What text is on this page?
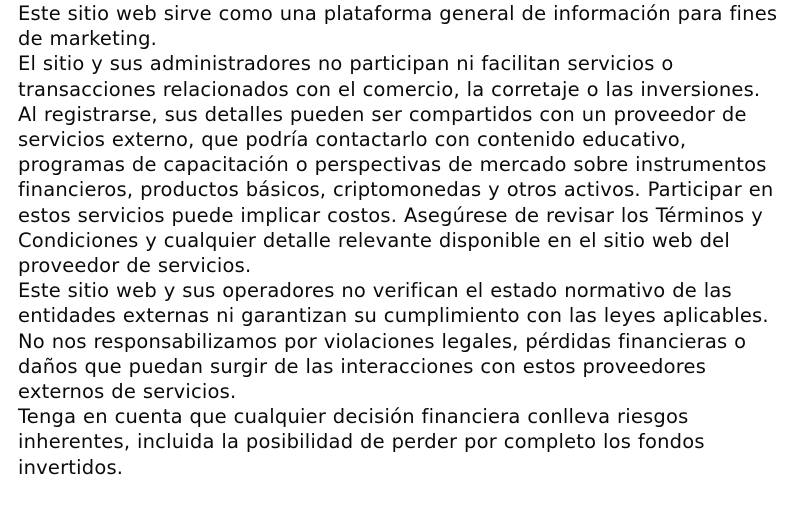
Este sitio web sirve como una plataforma general de información para fines de marketing.

El sitio y sus administradores no participan ni facilitan servicios o transacciones relacionados con el comercio, la corretaje o las inversiones.

Al registrarse, sus detalles pueden ser compartidos con un proveedor de servicios externo, que podría contactarlo con contenido educativo, programas de capacitación o perspectivas de mercado sobre instrumentos financieros, productos básicos, criptomonedas y otros activos. Participar en estos servicios puede implicar costos. Asegúrese de revisar los Términos y Condiciones y cualquier detalle relevante disponible en el sitio web del proveedor de servicios.

Este sitio web y sus operadores no verifican el estado normativo de las entidades externas ni garantizan su cumplimiento con las leyes aplicables.

No nos responsabilizamos por violaciones legales, pérdidas financieras o daños que puedan surgir de las interacciones con estos proveedores externos de servicios.

Tenga en cuenta que cualquier decisión financiera conlleva riesgos inherentes, incluida la posibilidad de perder por completo los fondos invertidos.
